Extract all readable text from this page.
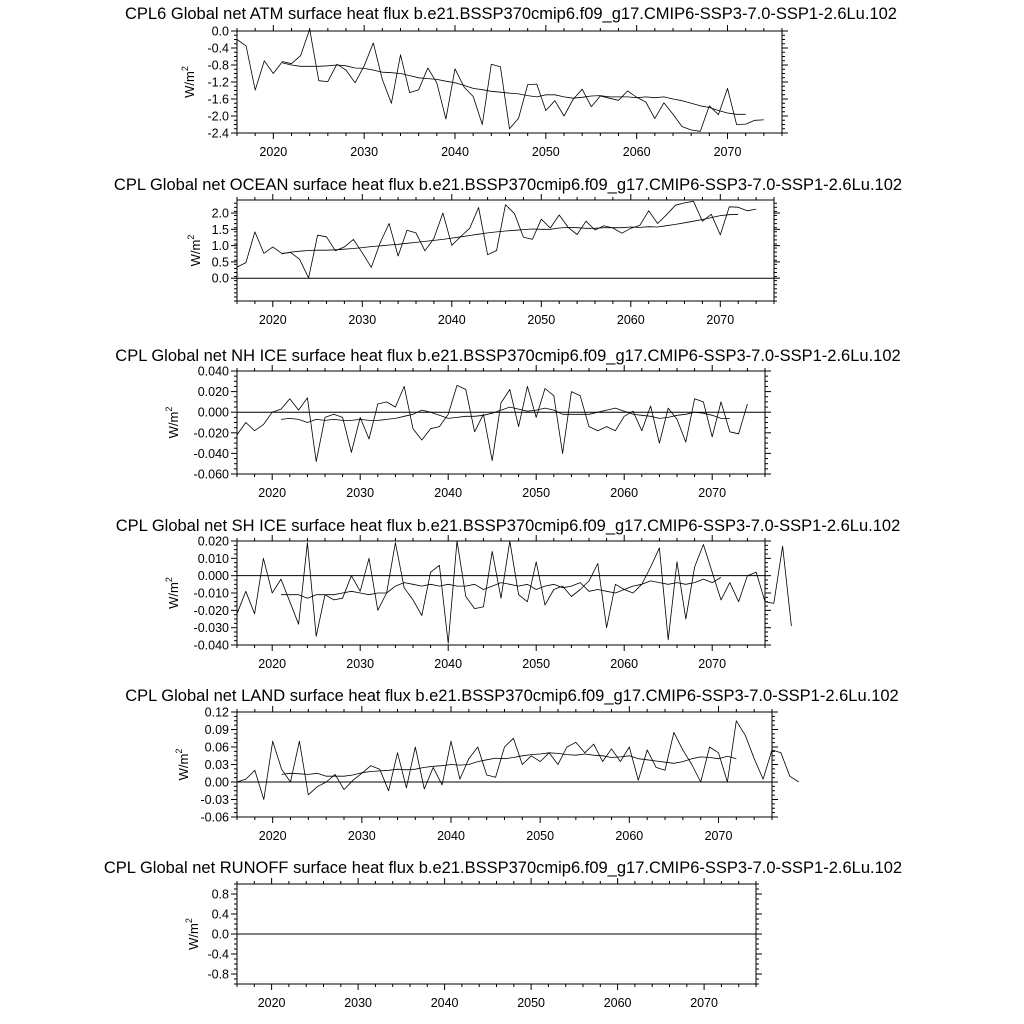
CPL6 Global net ATM surface heat flux b.e21.BSSP370cmip6.f09_g17.CMIP6-SSP3-7.0-SSP1-2.6Lu.102
2020	2030	2040	2050	2060	2070
0.0
-0.4
-0.8
-1.2
-1.6
-2.0
-2.4
$W/m^2$
CPL Global net OCEAN surface heat flux b.e21.BSSP370cmip6.f09_g17.CMIP6-SSP3-7.0-SSP1-2.6Lu.102
2020	2030	2040	2050	2060	2070
0.0
0.5
1.0
1.5
2.0
$W/m^2$
CPL Global net NH ICE surface heat flux b.e21.BSSP370cmip6.f09_g17.CMIP6-SSP3-7.0-SSP1-2.6Lu.102
2020	2030	2040	2050	2060	2070
0.040
0.020
0.000
-0.020
-0.040
-0.060
$W/m^2$
CPL Global net SH ICE surface heat flux b.e21.BSSP370cmip6.f09_g17.CMIP6-SSP3-7.0-SSP1-2.6Lu.102
2020	2030	2040	2050	2060	2070
0.020
0.010
0.000
-0.010
-0.020
-0.030
-0.040
$W/m^2$
CPL Global net LAND surface heat flux b.e21.BSSP370cmip6.f09_g17.CMIP6-SSP3-7.0-SSP1-2.6Lu.102
2020	2030	2040	2050	2060	2070
0.12
0.09
0.06
0.03
0.00
-0.03
-0.06
$W/m^2$
CPL Global net RUNOFF surface heat flux b.e21.BSSP370cmip6.f09_g17.CMIP6-SSP3-7.0-SSP1-2.6Lu.102
2020	2030	2040	2050	2060	2070
0.8
0.4
0.0
-0.4
-0.8
$W/m^2$
